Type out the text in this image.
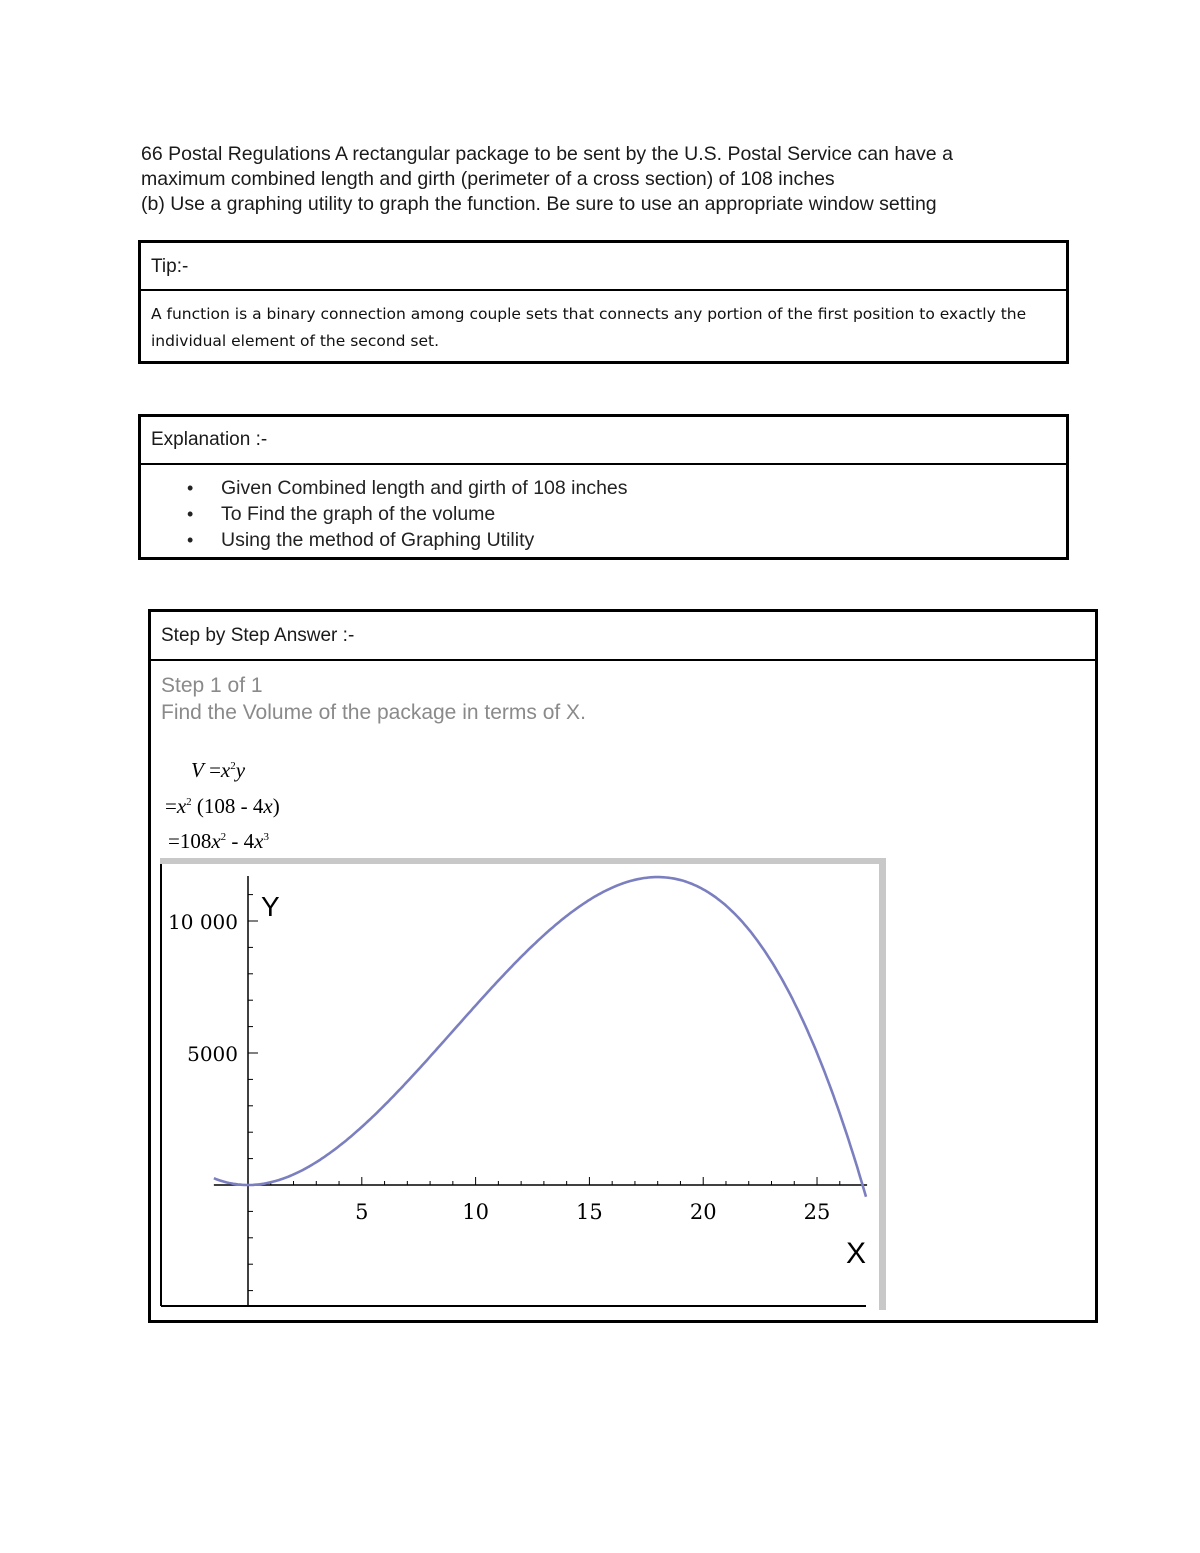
66 Postal Regulations A rectangular package to be sent by the U.S. Postal Service can have a
maximum combined length and girth (perimeter of a cross section) of 108 inches
(b) Use a graphing utility to graph the function. Be sure to use an appropriate window setting
Tip:-
A function is a binary connection among couple sets that connects any portion of the first position to exactly the individual element of the second set.
Explanation :-
• Given Combined length and girth of 108 inches
• To Find the graph of the volume
• Using the method of Graphing Utility
Step by Step Answer :-
Step 1 of 1
Find the Volume of the package in terms of X.
$V =x^2y$
$=x^2$ (108 - 4x)
$=108x^2 - 4x^3$
5	10	15	20	25
5000
10 000 Y
X
